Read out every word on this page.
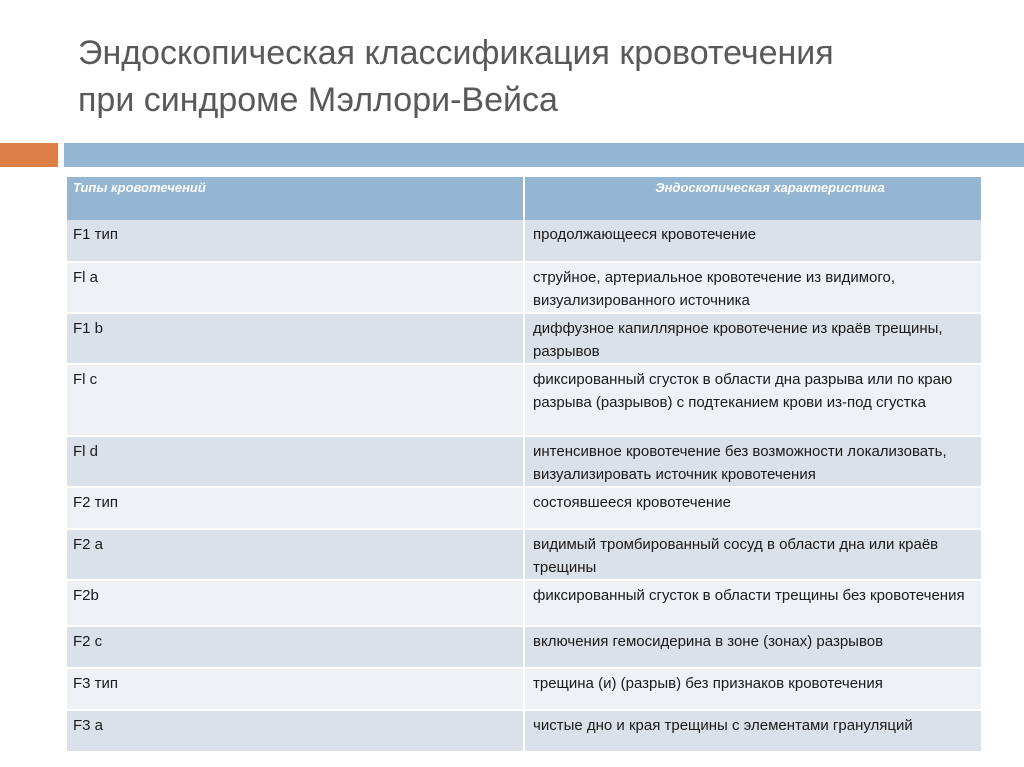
Эндоскопическая классификация кровотечения
при синдроме Мэллори-Вейса
Типы кровотечений	Эндоскопическая характеристика
F1 тип	продолжающееся кровотечение
Fl a	струйное, артериальное кровотечение из видимого, визуализированного источника
F1 b	диффузное капиллярное кровотечение из краёв трещины, разрывов
Fl c	фиксированный сгусток в области дна разрыва или по краю разрыва (разрывов) с подтеканием крови из-под сгустка
Fl d	интенсивное кровотечение без возможности локализовать, визуализировать источник кровотечения
F2 тип	состоявшееся кровотечение
F2 a	видимый тромбированный сосуд в области дна или краёв трещины
F2b	фиксированный сгусток в области трещины без кровотечения
F2 c	включения гемосидерина в зоне (зонах) разрывов
F3 тип	трещина (и) (разрыв) без признаков кровотечения
F3 a	чистые дно и края трещины с элементами грануляций
